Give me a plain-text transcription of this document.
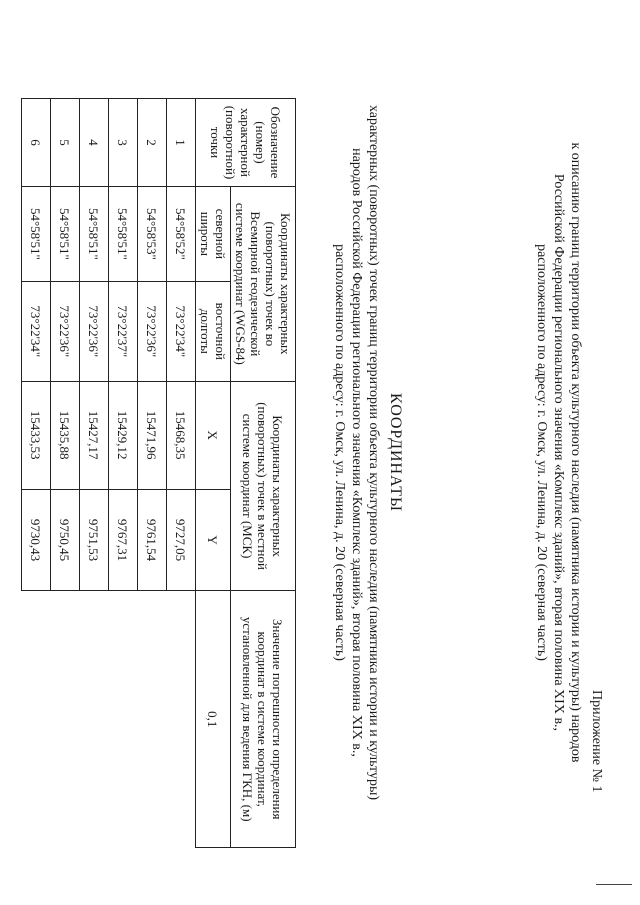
Приложение № 1
к описанию границ территории объекта культурного наследия (памятника истории и культуры) народов
Российской Федерации регионального значения «Комплекс зданий», вторая половина XIX в.,
расположенного по адресу: г. Омск, ул. Ленина, д. 20 (северная часть)
КООРДИНАТЫ
характерных (поворотных) точек границ территории объекта культурного наследия (памятника истории и культуры)
народов Российской Федерации регионального значения «Комплекс зданий», вторая половина XIX в.,
расположенного по адресу: г. Омск, ул. Ленина, д. 20 (северная часть)
Обозначение (номер) характерной (поворотной) точки	Координаты характерных (поворотных) точек во Всемирной геодезической системе координат (WGS-84)		Координаты характерных (поворотных) точек в местной системе координат (МСК)		Значение погрешности определения координат в системе координат, установленной для ведения ГКН, (м)

	северной широты	восточной долготы	X	Y	0,1
1	54°58'52"	73°22'34"	15468,35	9727,05	
2	54°58'53"	73°22'36"	15471,96	9761,54	
3	54°58'51"	73°22'37"	15429,12	9767,31	
4	54°58'51"	73°22'36"	15427,17	9751,53	
5	54°58'51"	73°22'36"	15435,88	9750,45	
6	54°58'51"	73°22'34"	15433,53	9730,43	
